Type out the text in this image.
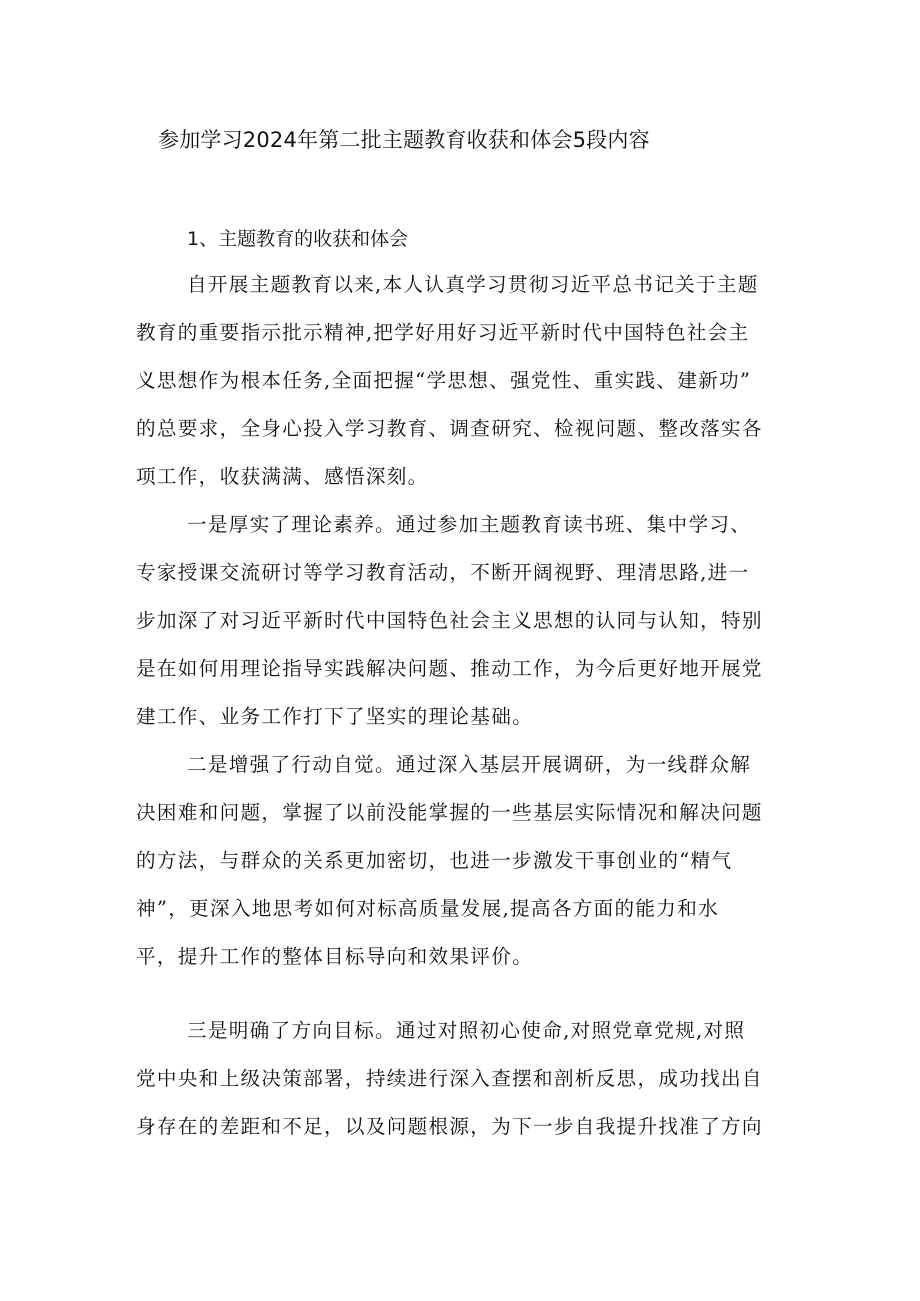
参加学习2024年第二批主题教育收获和体会5段内容

1、主题教育的收获和体会

自开展主题教育以来,本人认真学习贯彻习近平总书记关于主题

教育的重要指示批示精神,把学好用好习近平新时代中国特色社会主

义思想作为根本任务,全面把握“学思想、强党性、重实践、建新功”

的总要求，全身心投入学习教育、调查研究、检视问题、整改落实各

项工作，收获满满、感悟深刻。

一是厚实了理论素养。通过参加主题教育读书班、集中学习、

专家授课交流研讨等学习教育活动，不断开阔视野、理清思路,进一

步加深了对习近平新时代中国特色社会主义思想的认同与认知，特别

是在如何用理论指导实践解决问题、推动工作，为今后更好地开展党

建工作、业务工作打下了坚实的理论基础。

二是增强了行动自觉。通过深入基层开展调研，为一线群众解

决困难和问题，掌握了以前没能掌握的一些基层实际情况和解决问题

的方法，与群众的关系更加密切，也进一步激发干事创业的“精气

神”，更深入地思考如何对标高质量发展,提高各方面的能力和水

平，提升工作的整体目标导向和效果评价。

三是明确了方向目标。通过对照初心使命,对照党章党规,对照

党中央和上级决策部署，持续进行深入查摆和剖析反思，成功找出自

身存在的差距和不足，以及问题根源，为下一步自我提升找准了方向
